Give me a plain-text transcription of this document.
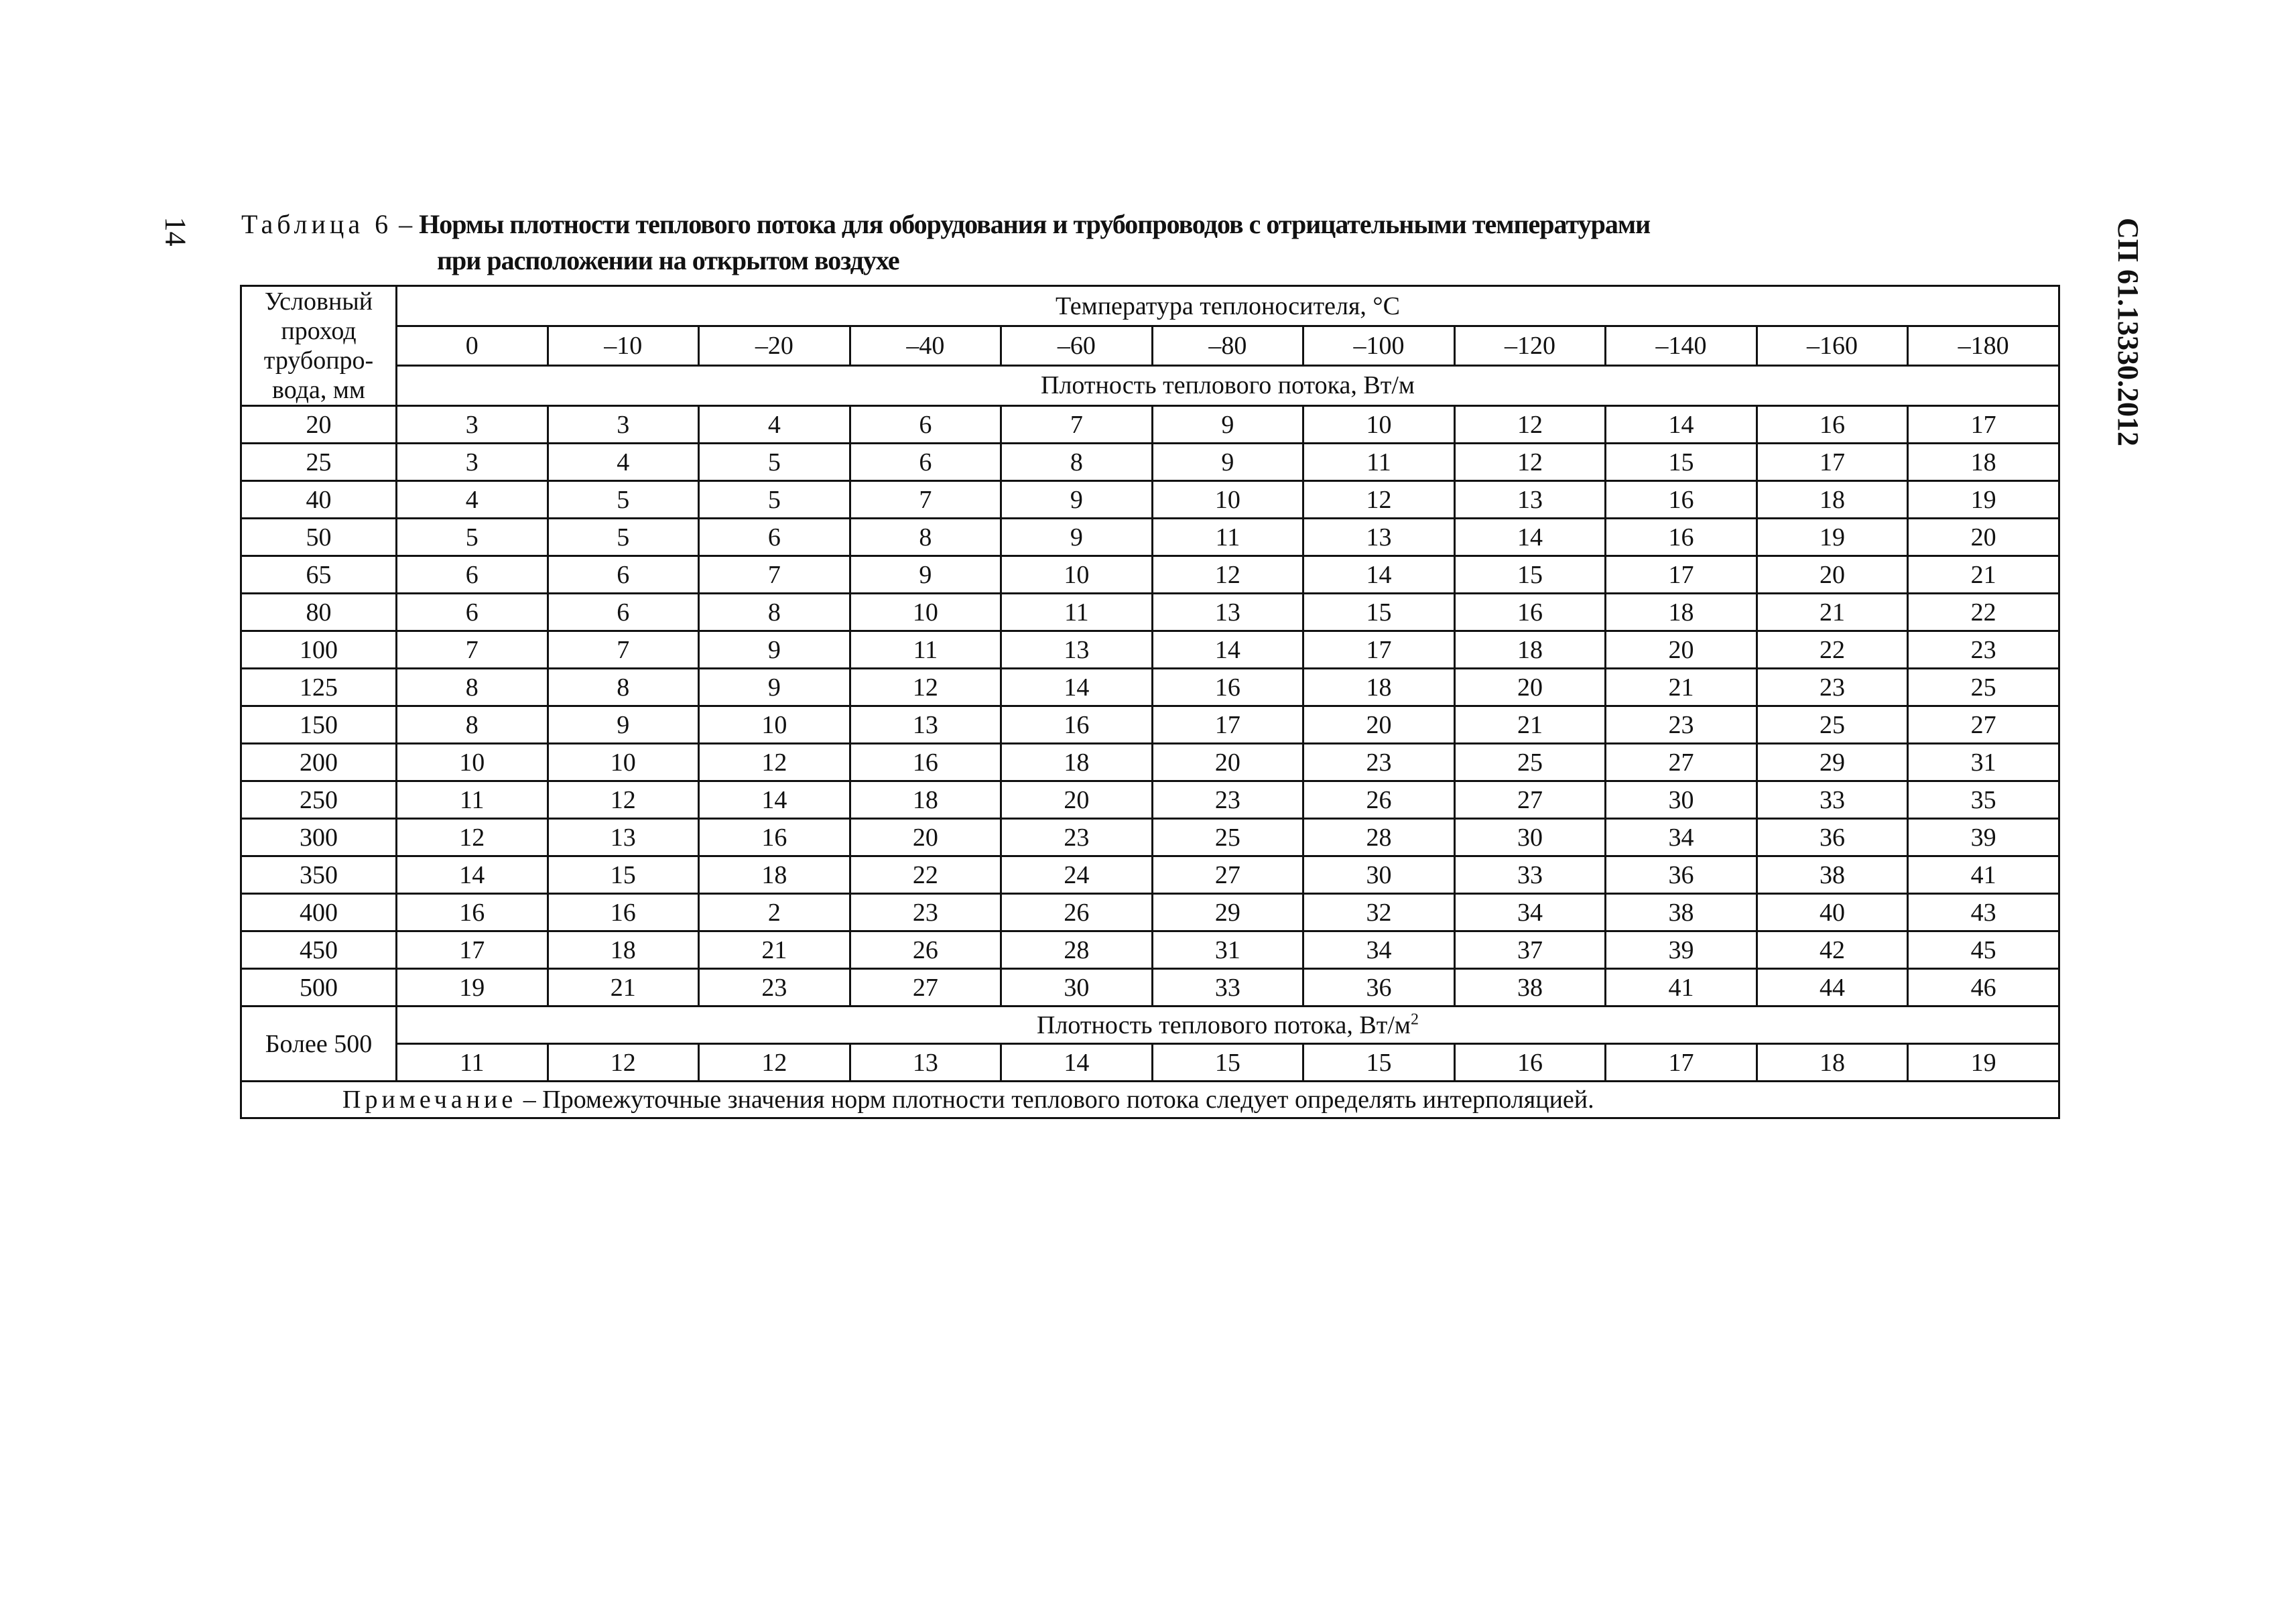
14	СП 61.13330.2012
Таблица 6 – Нормы плотности теплового потока для оборудования и трубопроводов с отрицательными температурами
при расположении на открытом воздухе
Условный проход трубопро-вода, мм	Температура теплоносителя, °С										
	0	–10	–20	–40	–60	–80	–100	–120	–140	–160	–180
	Плотность теплового потока, Вт/м										
20	3	3	4	6	7	9	10	12	14	16	17
25	3	4	5	6	8	9	11	12	15	17	18
40	4	5	5	7	9	10	12	13	16	18	19
50	5	5	6	8	9	11	13	14	16	19	20
65	6	6	7	9	10	12	14	15	17	20	21
80	6	6	8	10	11	13	15	16	18	21	22
100	7	7	9	11	13	14	17	18	20	22	23
125	8	8	9	12	14	16	18	20	21	23	25
150	8	9	10	13	16	17	20	21	23	25	27
200	10	10	12	16	18	20	23	25	27	29	31
250	11	12	14	18	20	23	26	27	30	33	35
300	12	13	16	20	23	25	28	30	34	36	39
350	14	15	18	22	24	27	30	33	36	38	41
400	16	16	2	23	26	29	32	34	38	40	43
450	17	18	21	26	28	31	34	37	39	42	45
500	19	21	23	27	30	33	36	38	41	44	46
Более 500	Плотность теплового потока, $Вт/м^2$
	11	12	12	13	14	15	15	16	17	18	19
Примечание – Промежуточные значения норм плотности теплового потока следует определять интерполяцией.											
